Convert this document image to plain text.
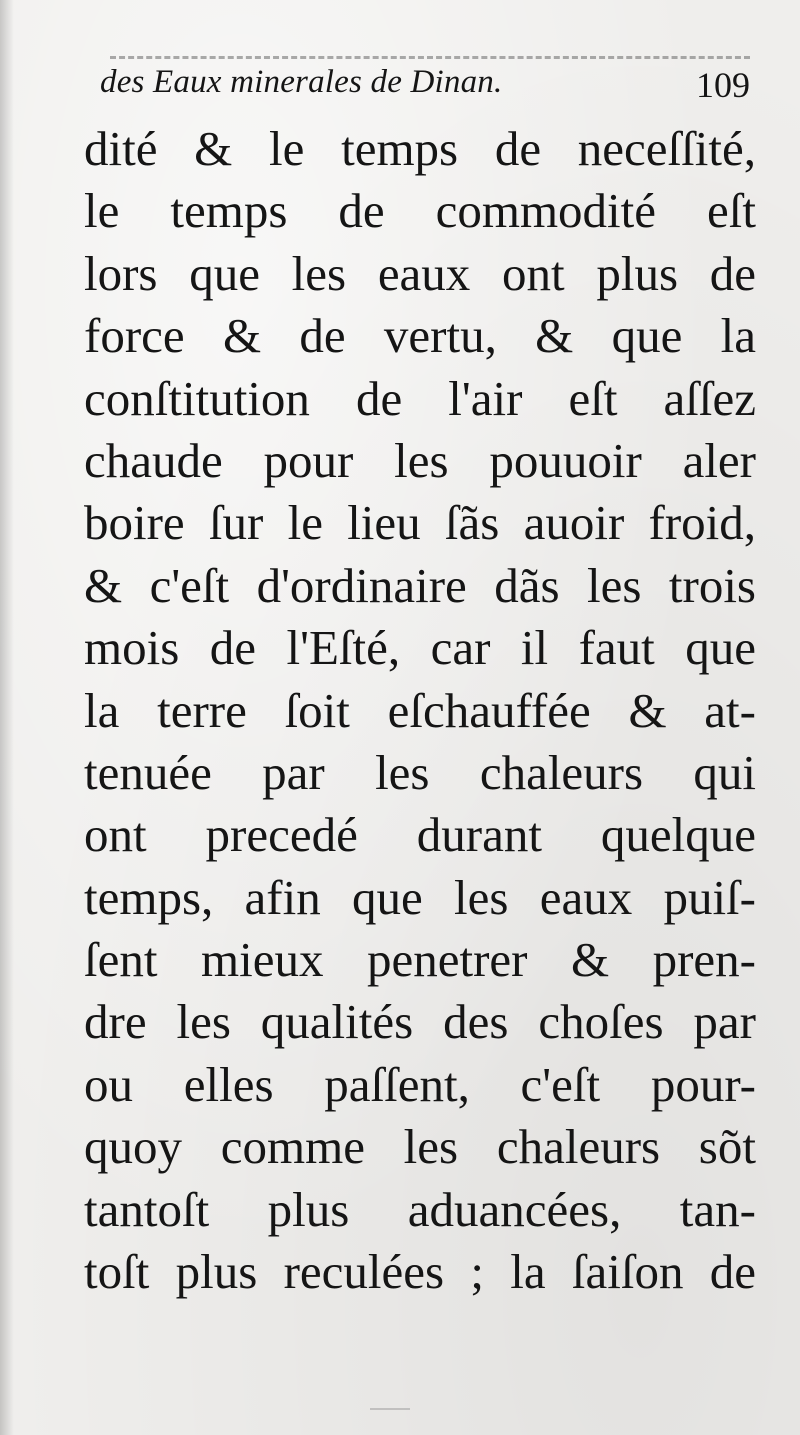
des Eaux minerales de Dinan.	109
dité & le temps de neceſſité,
le temps de commodité eſt
lors que les eaux ont plus de
force & de vertu, & que la
conſtitution de l'air eſt aſſez
chaude pour les pouuoir aler
boire ſur le lieu ſãs auoir froid,
& c'eſt d'ordinaire dãs les trois
mois de l'Eſté, car il faut que
la terre ſoit eſchauffée & at-
tenuée par les chaleurs qui
ont precedé durant quelque
temps, afin que les eaux puiſ-
ſent mieux penetrer & pren-
dre les qualités des choſes par
ou elles paſſent, c'eſt pour-
quoy comme les chaleurs sõt
tantoſt plus aduancées, tan-
toſt plus reculées ; la ſaiſon de
